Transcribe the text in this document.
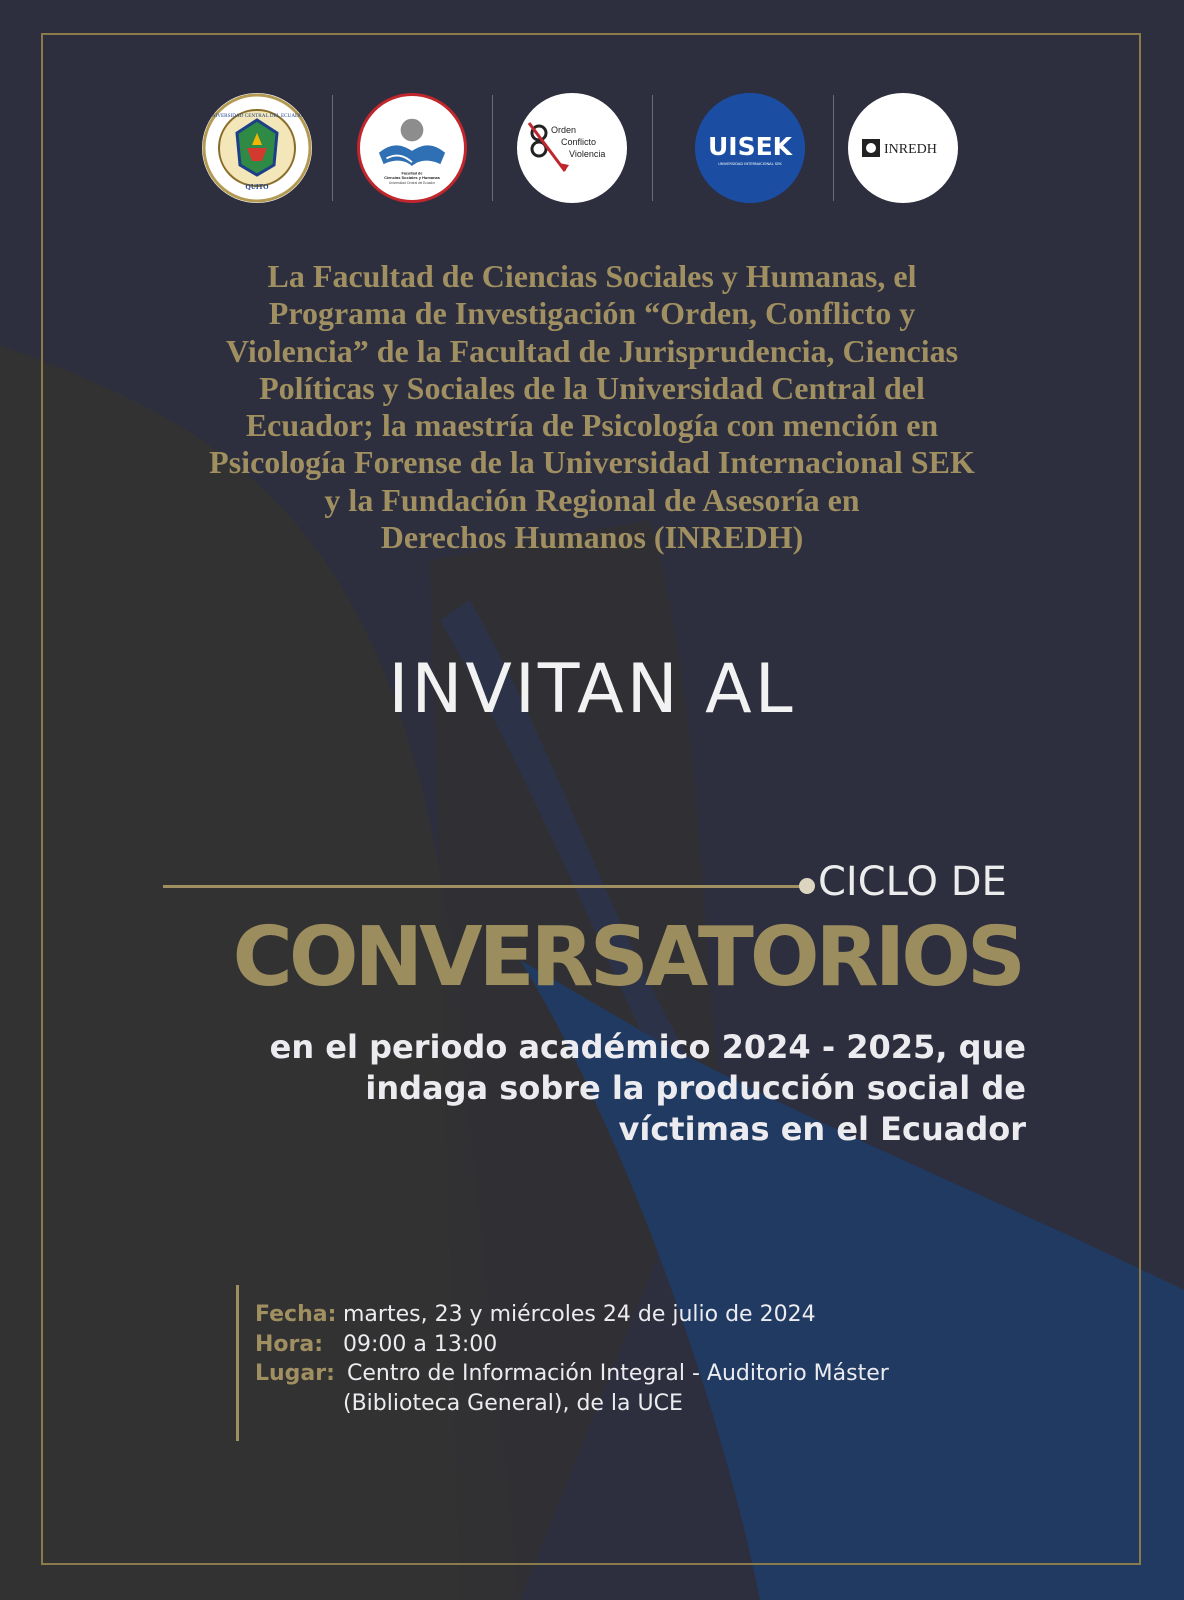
UNIVERSIDAD CENTRAL DEL ECUADOR
QUITO
Facultad de
Ciencias Sociales y Humanas
Universidad Central del Ecuador
Orden
Conflicto
Violencia	UISEK
UNIVERSIDAD INTERNACIONAL SEK
INREDH
La Facultad de Ciencias Sociales y Humanas, el
Programa de Investigación “Orden, Conflicto y
Violencia” de la Facultad de Jurisprudencia, Ciencias
Políticas y Sociales de la Universidad Central del
Ecuador; la maestría de Psicología con mención en
Psicología Forense de la Universidad Internacional SEK
y la Fundación Regional de Asesoría en
Derechos Humanos (INREDH)
INVITAN AL
CICLO DE
CONVERSATORIOS
en el periodo académico 2024 - 2025, que
indaga sobre la producción social de
víctimas en el Ecuador
Fecha: martes, 23 y miércoles 24 de julio de 2024
Hora: 09:00 a 13:00
Lugar: Centro de Información Integral - Auditorio Máster
(Biblioteca General), de la UCE
